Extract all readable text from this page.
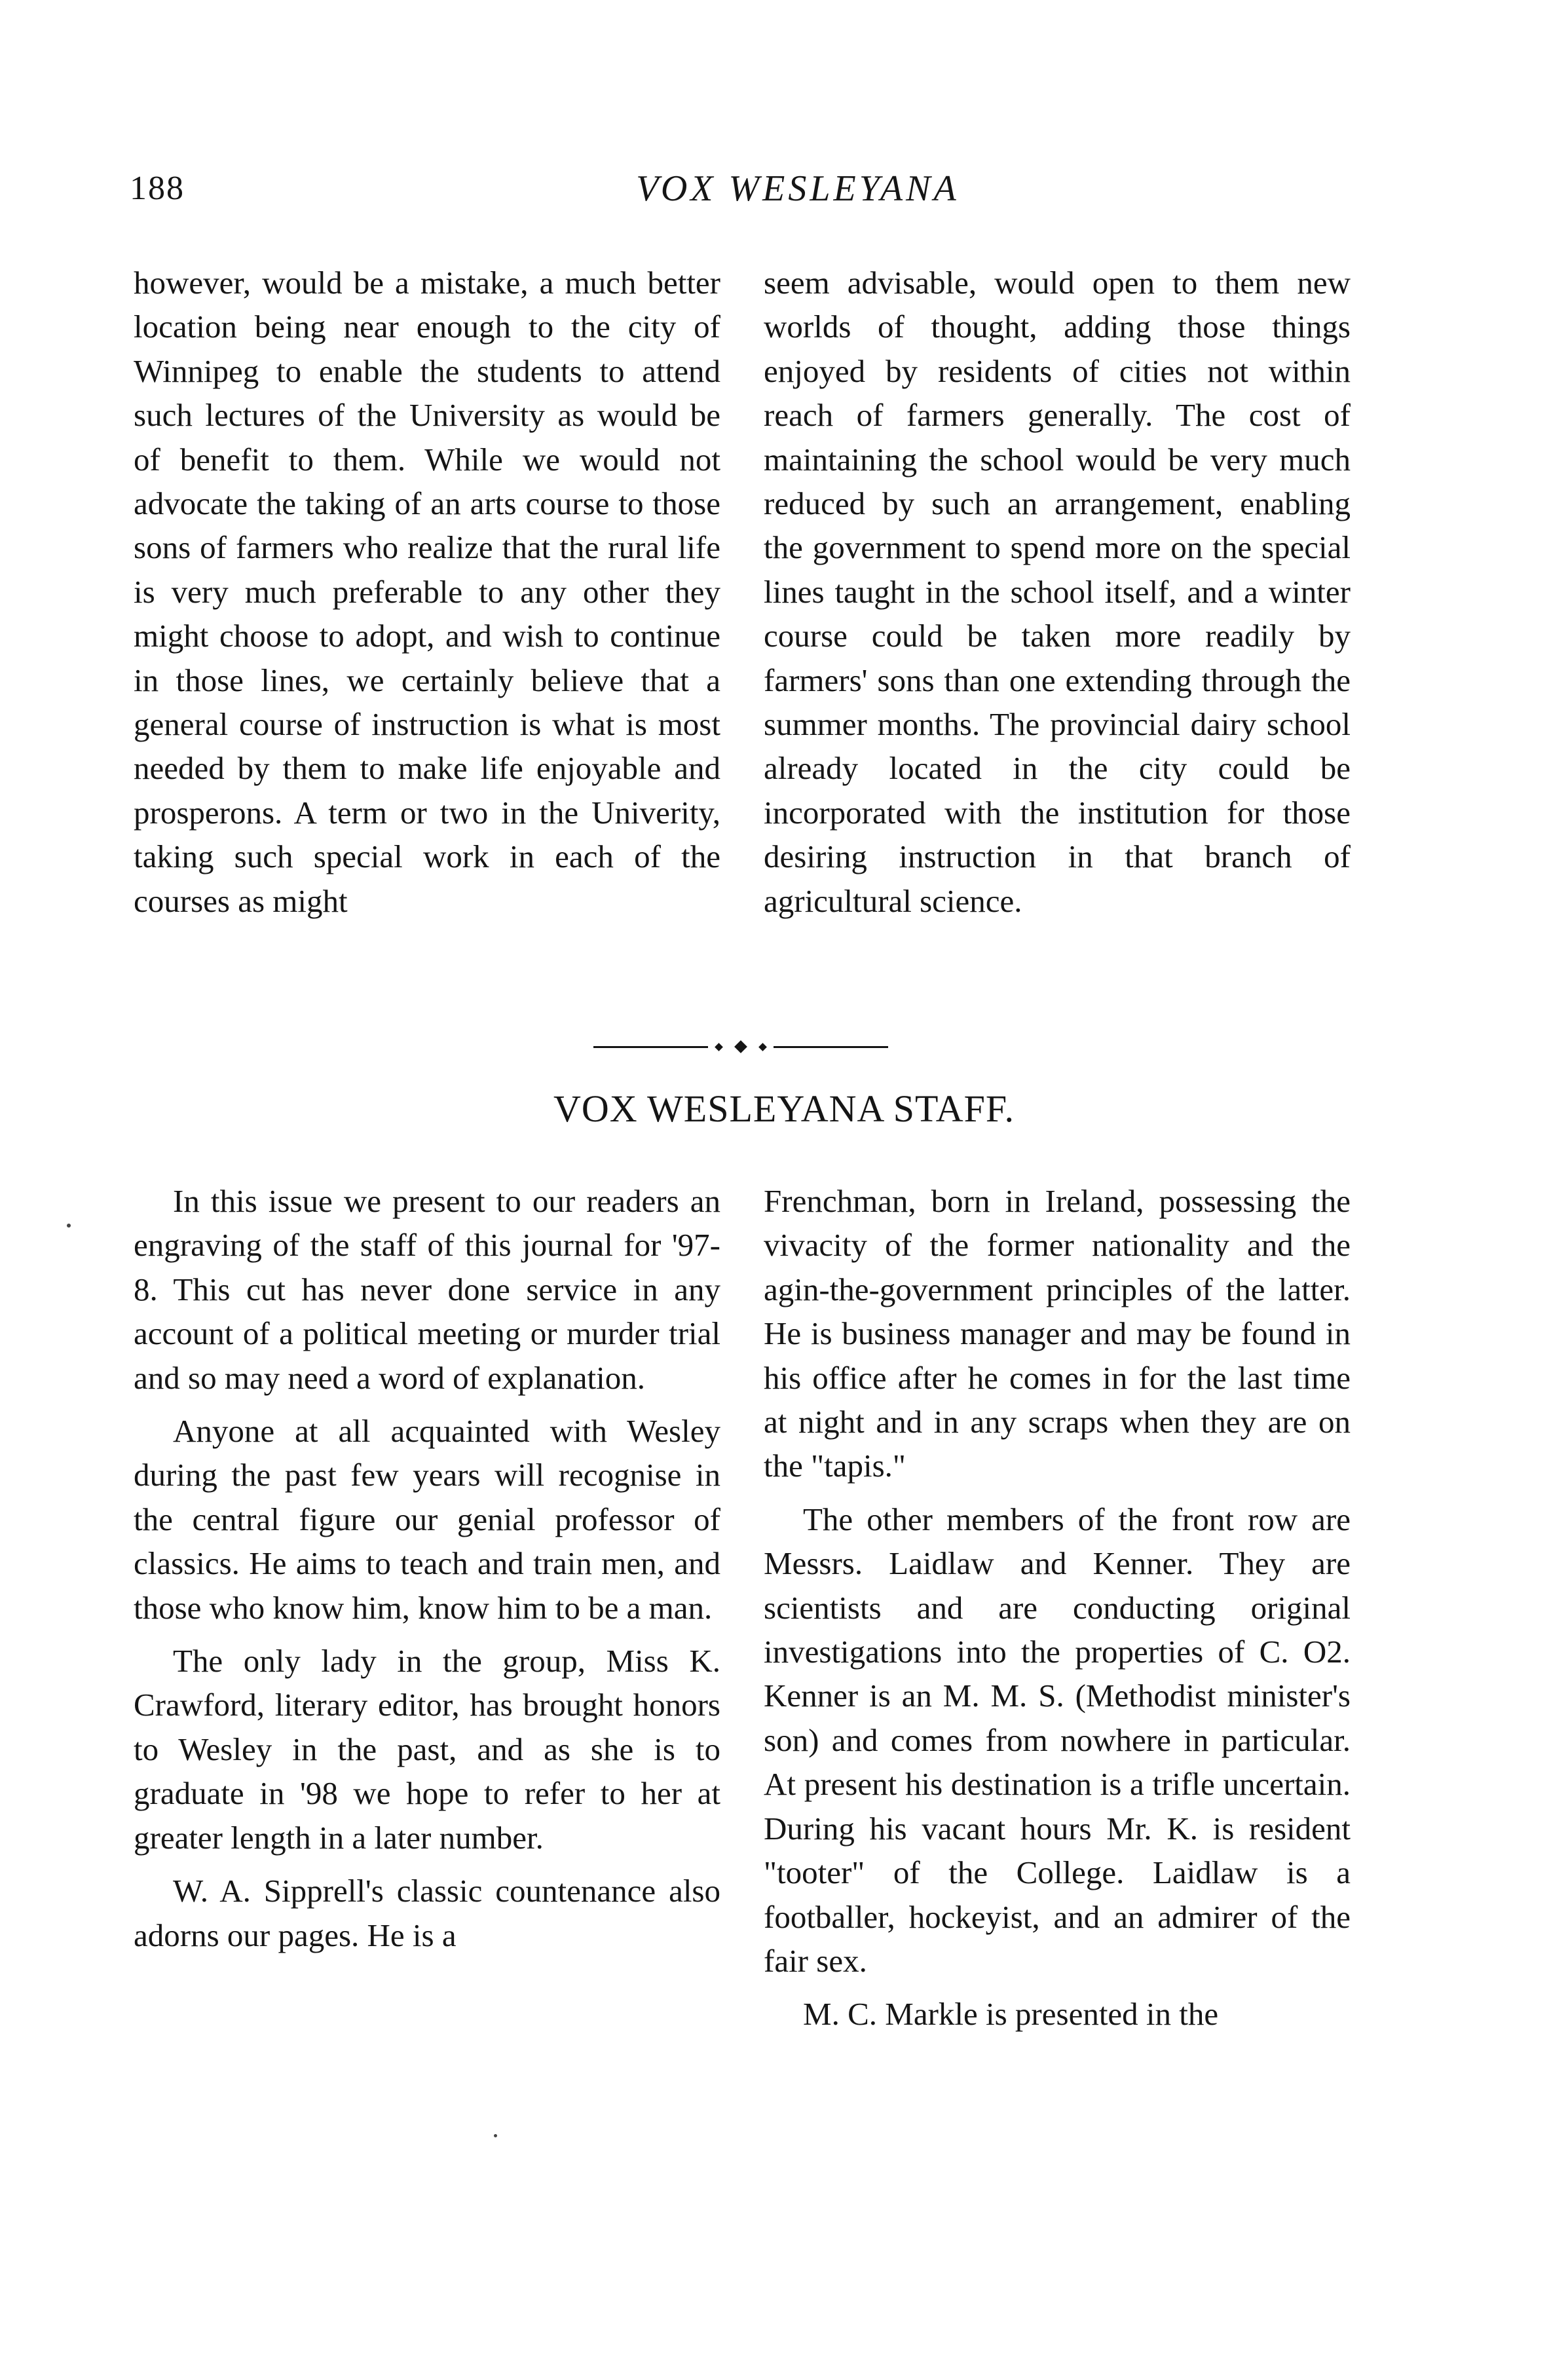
188	VOX WESLEYANA

however, would be a mistake, a much better location being near enough to the city of Winnipeg to enable the students to attend such lectures of the University as would be of benefit to them. While we would not advocate the taking of an arts course to those sons of farmers who realize that the rural life is very much preferable to any other they might choose to adopt, and wish to continue in those lines, we certainly believe that a general course of instruction is what is most needed by them to make life enjoyable and prosperons. A term or two in the Univerity, taking such special work in each of the courses as might

seem advisable, would open to them new worlds of thought, adding those things enjoyed by residents of cities not within reach of farmers generally. The cost of maintaining the school would be very much reduced by such an arrangement, enabling the government to spend more on the special lines taught in the school itself, and a winter course could be taken more readily by farmers' sons than one extending through the summer months. The provincial dairy school already located in the city could be incorporated with the institution for those desiring instruction in that branch of agricultural science.

VOX WESLEYANA STAFF.

In this issue we present to our readers an engraving of the staff of this journal for '97-8. This cut has never done service in any account of a political meeting or murder trial and so may need a word of explanation.

Anyone at all acquainted with Wesley during the past few years will recognise in the central figure our genial professor of classics. He aims to teach and train men, and those who know him, know him to be a man.

The only lady in the group, Miss K. Crawford, literary editor, has brought honors to Wesley in the past, and as she is to graduate in '98 we hope to refer to her at greater length in a later number.

W. A. Sipprell's classic countenance also adorns our pages. He is a

Frenchman, born in Ireland, possessing the vivacity of the former nationality and the agin-the-government principles of the latter. He is business manager and may be found in his office after he comes in for the last time at night and in any scraps when they are on the "tapis."

The other members of the front row are Messrs. Laidlaw and Kenner. They are scientists and are conducting original investigations into the properties of C. O2. Kenner is an M. M. S. (Methodist minister's son) and comes from nowhere in particular. At present his destination is a trifle uncertain. During his vacant hours Mr. K. is resident "tooter" of the College. Laidlaw is a footballer, hockeyist, and an admirer of the fair sex.

M. C. Markle is presented in the
